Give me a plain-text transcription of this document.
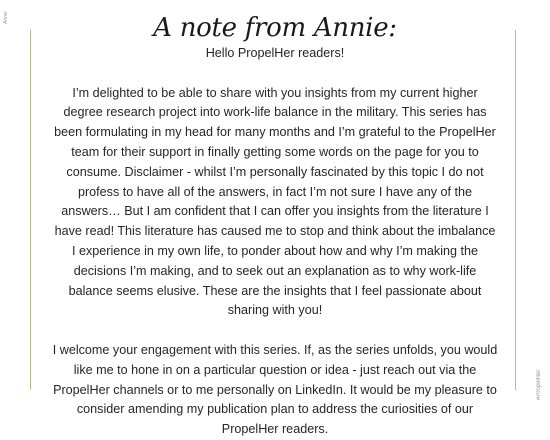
Annie
#PropelHer
A note from Annie:

Hello PropelHer readers!

I’m delighted to be able to share with you insights from my current higher degree research project into work-life balance in the military. This series has been formulating in my head for many months and I’m grateful to the PropelHer team for their support in finally getting some words on the page for you to consume. Disclaimer - whilst I’m personally fascinated by this topic I do not profess to have all of the answers, in fact I’m not sure I have any of the answers… But I am confident that I can offer you insights from the literature I have read! This literature has caused me to stop and think about the imbalance I experience in my own life, to ponder about how and why I’m making the decisions I’m making, and to seek out an explanation as to why work-life balance seems elusive. These are the insights that I feel passionate about sharing with you!

I welcome your engagement with this series. If, as the series unfolds, you would like me to hone in on a particular question or idea - just reach out via the PropelHer channels or to me personally on LinkedIn. It would be my pleasure to consider amending my publication plan to address the curiosities of our PropelHer readers.
